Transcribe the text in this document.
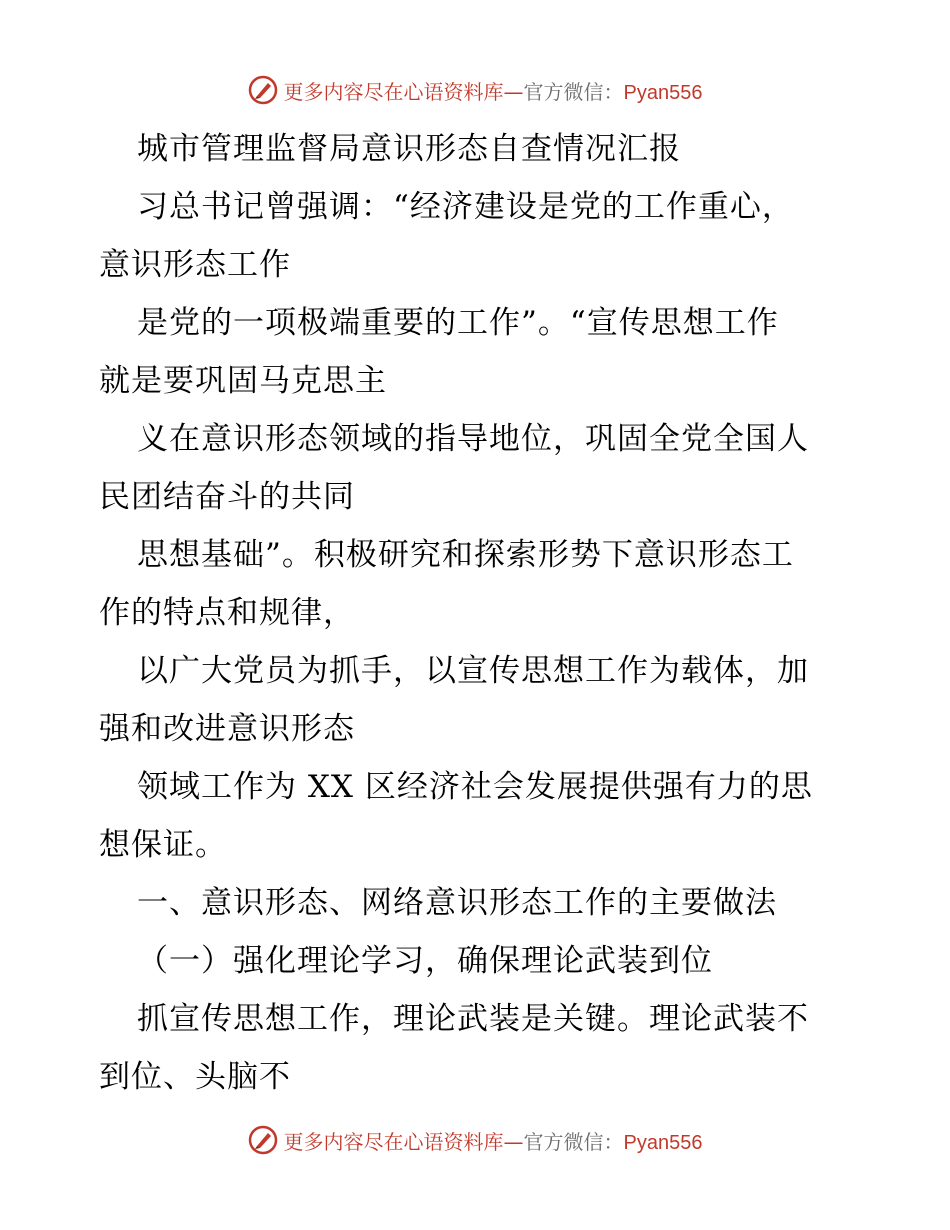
更多内容尽在心语资料库—官方微信：Pyan556
城市管理监督局意识形态自查情况汇报
习总书记曾强调：“经济建设是党的工作重心，
意识形态工作
是党的一项极端重要的工作”。“宣传思想工作
就是要巩固马克思主
义在意识形态领域的指导地位，巩固全党全国人
民团结奋斗的共同
思想基础”。积极研究和探索形势下意识形态工
作的特点和规律，
以广大党员为抓手，以宣传思想工作为载体，加
强和改进意识形态
领域工作为 XX 区经济社会发展提供强有力的思
想保证。
一、意识形态、网络意识形态工作的主要做法
（一）强化理论学习，确保理论武装到位
抓宣传思想工作，理论武装是关键。理论武装不
到位、头脑不
更多内容尽在心语资料库—官方微信：Pyan556
